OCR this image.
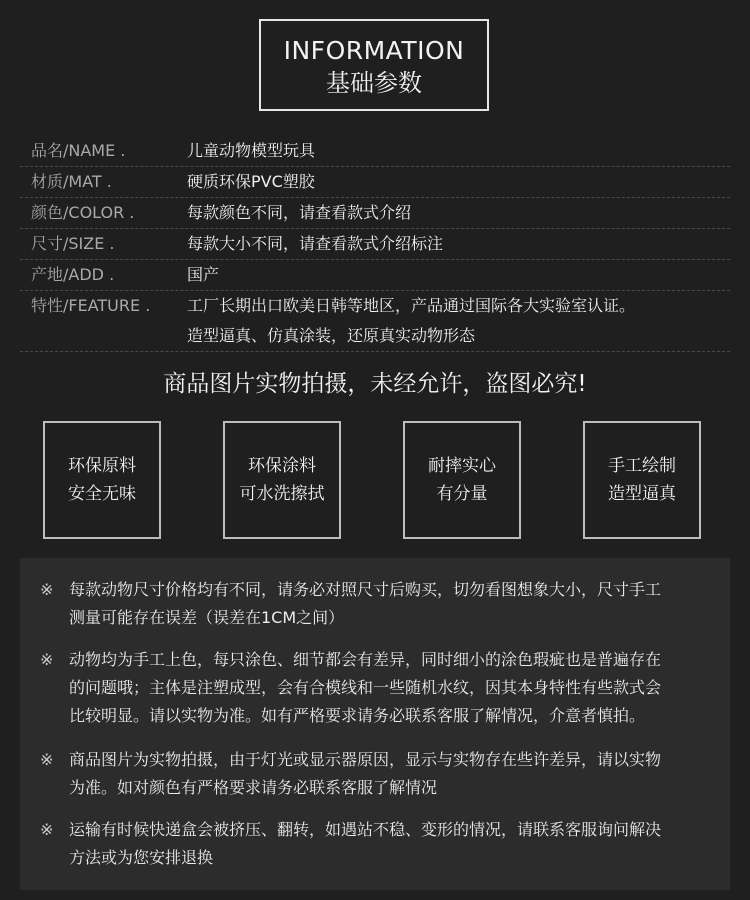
INFORMATION
基础参数
品名/NAME .	儿童动物模型玩具
材质/MAT .	硬质环保PVC塑胶
颜色/COLOR .	每款颜色不同，请查看款式介绍
尺寸/SIZE .	每款大小不同，请查看款式介绍标注
产地/ADD .	国产
特性/FEATURE .	工厂长期出口欧美日韩等地区，产品通过国际各大实验室认证。
造型逼真、仿真涂装，还原真实动物形态
商品图片实物拍摄，未经允许，盗图必究!
环保原料
安全无味
环保涂料
可水洗擦拭
耐摔实心
有分量
手工绘制
造型逼真
※ 每款动物尺寸价格均有不同，请务必对照尺寸后购买，切勿看图想象大小，尺寸手工
测量可能存在误差（误差在1CM之间）
※ 动物均为手工上色，每只涂色、细节都会有差异，同时细小的涂色瑕疵也是普遍存在
的问题哦；主体是注塑成型，会有合模线和一些随机水纹，因其本身特性有些款式会
比较明显。请以实物为准。如有严格要求请务必联系客服了解情况，介意者慎拍。
※ 商品图片为实物拍摄，由于灯光或显示器原因，显示与实物存在些许差异，请以实物
为准。如对颜色有严格要求请务必联系客服了解情况
※ 运输有时候快递盒会被挤压、翻转，如遇站不稳、变形的情况，请联系客服询问解决
方法或为您安排退换
